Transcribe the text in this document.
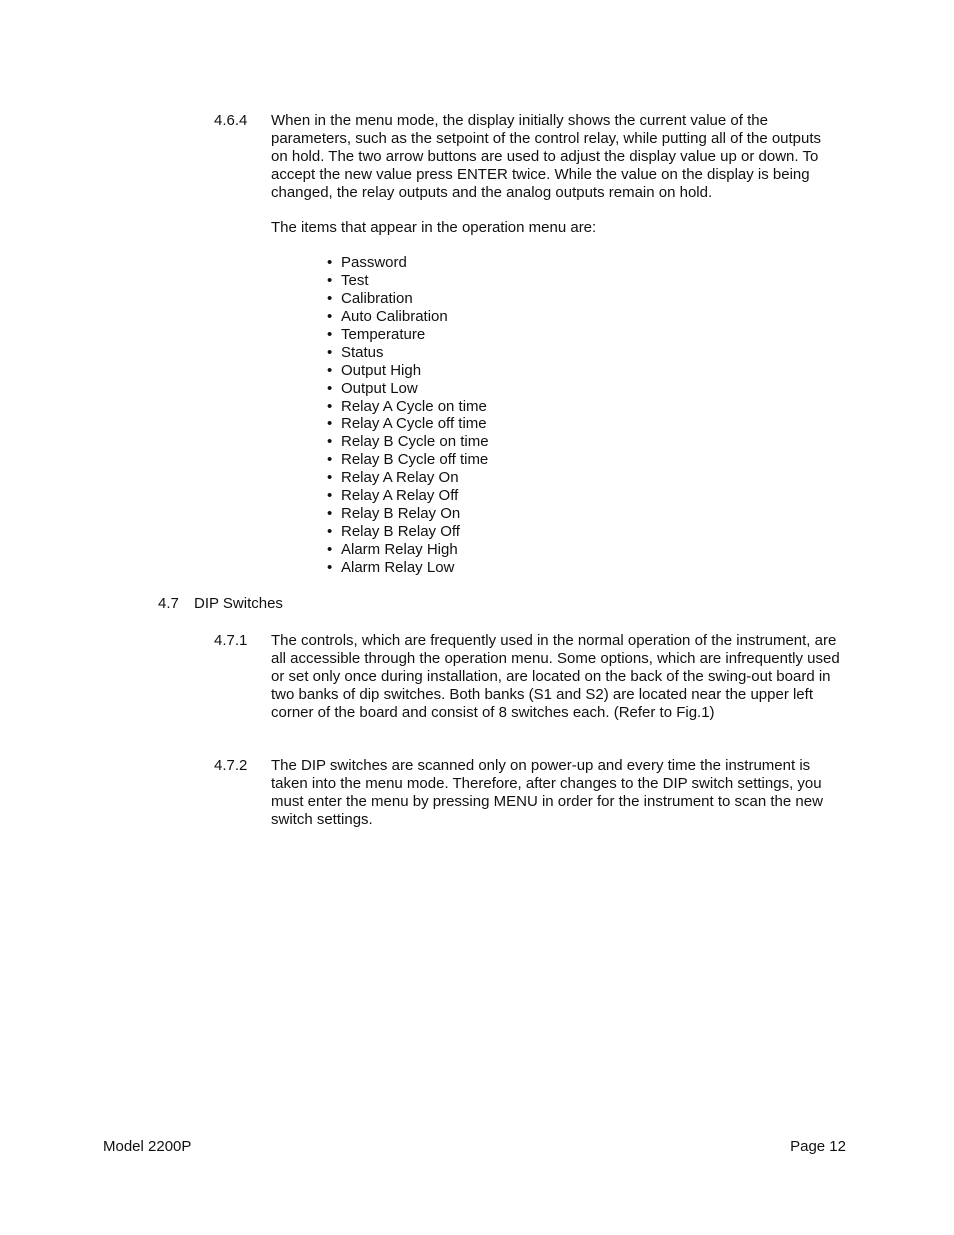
4.6.4 When in the menu mode, the display initially shows the current value of the parameters, such as the setpoint of the control relay, while putting all of the outputs on hold. The two arrow buttons are used to adjust the display value up or down. To accept the new value press ENTER twice. While the value on the display is being changed, the relay outputs and the analog outputs remain on hold.
The items that appear in the operation menu are:
• Password
• Test
• Calibration
• Auto Calibration
• Temperature
• Status
• Output High
• Output Low
• Relay A Cycle on time
• Relay A Cycle off time
• Relay B Cycle on time
• Relay B Cycle off time
• Relay A Relay On
• Relay A Relay Off
• Relay B Relay On
• Relay B Relay Off
• Alarm Relay High
• Alarm Relay Low
4.7 DIP Switches
4.7.1 The controls, which are frequently used in the normal operation of the instrument, are all accessible through the operation menu. Some options, which are infrequently used or set only once during installation, are located on the back of the swing-out board in two banks of dip switches. Both banks (S1 and S2) are located near the upper left corner of the board and consist of 8 switches each. (Refer to Fig.1)
4.7.2 The DIP switches are scanned only on power-up and every time the instrument is taken into the menu mode. Therefore, after changes to the DIP switch settings, you must enter the menu by pressing MENU in order for the instrument to scan the new switch settings.
Model 2200P	Page 12
